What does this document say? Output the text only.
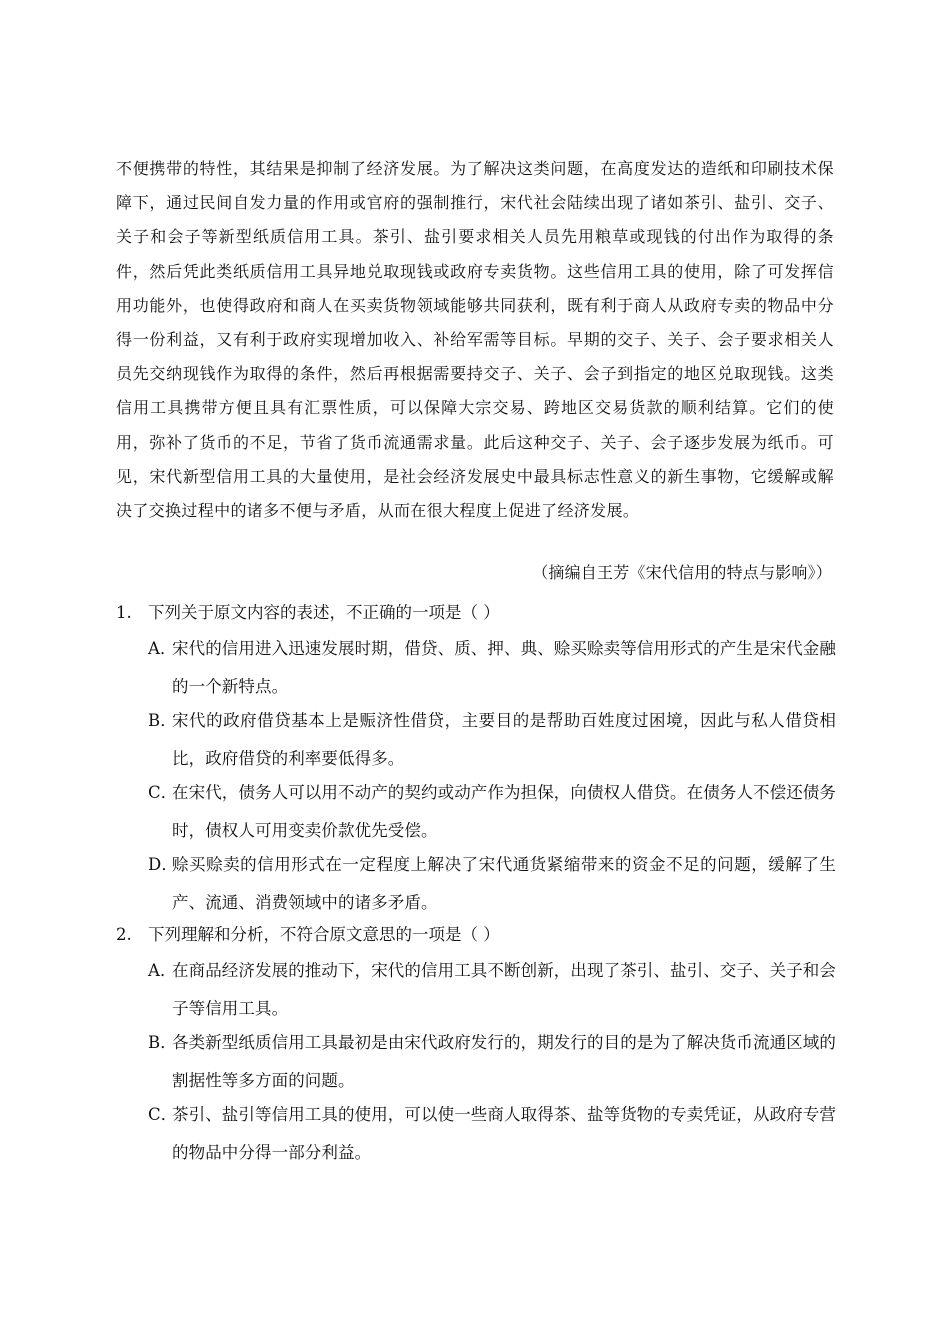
不便携带的特性，其结果是抑制了经济发展。为了解决这类问题，在高度发达的造纸和印刷技术保障下，通过民间自发力量的作用或官府的强制推行，宋代社会陆续出现了诸如茶引、盐引、交子、关子和会子等新型纸质信用工具。茶引、盐引要求相关人员先用粮草或现钱的付出作为取得的条件，然后凭此类纸质信用工具异地兑取现钱或政府专卖货物。这些信用工具的使用，除了可发挥信用功能外，也使得政府和商人在买卖货物领域能够共同获利，既有利于商人从政府专卖的物品中分得一份利益，又有利于政府实现增加收入、补给军需等目标。早期的交子、关子、会子要求相关人员先交纳现钱作为取得的条件，然后再根据需要持交子、关子、会子到指定的地区兑取现钱。这类信用工具携带方便且具有汇票性质，可以保障大宗交易、跨地区交易货款的顺利结算。它们的使用，弥补了货币的不足，节省了货币流通需求量。此后这种交子、关子、会子逐步发展为纸币。可见，宋代新型信用工具的大量使用，是社会经济发展史中最具标志性意义的新生事物，它缓解或解决了交换过程中的诸多不便与矛盾，从而在很大程度上促进了经济发展。

（摘编自王芳《宋代信用的特点与影响》）

1. 下列关于原文内容的表述，不正确的一项是（ ）
A．
宋代的信用进入迅速发展时期，借贷、质、押、典、赊买赊卖等信用形式的产生是宋代金融的一个新特点。
B．
宋代的政府借贷基本上是赈济性借贷，主要目的是帮助百姓度过困境，因此与私人借贷相比，政府借贷的利率要低得多。
C．
在宋代，债务人可以用不动产的契约或动产作为担保，向债权人借贷。在债务人不偿还债务时，债权人可用变卖价款优先受偿。
D．
赊买赊卖的信用形式在一定程度上解决了宋代通货紧缩带来的资金不足的问题，缓解了生产、流通、消费领域中的诸多矛盾。
2. 下列理解和分析，不符合原文意思的一项是（ ）
A．
在商品经济发展的推动下，宋代的信用工具不断创新，出现了茶引、盐引、交子、关子和会子等信用工具。
B．
各类新型纸质信用工具最初是由宋代政府发行的，期发行的目的是为了解决货币流通区域的割据性等多方面的问题。
C．
茶引、盐引等信用工具的使用，可以使一些商人取得茶、盐等货物的专卖凭证，从政府专营的物品中分得一部分利益。
